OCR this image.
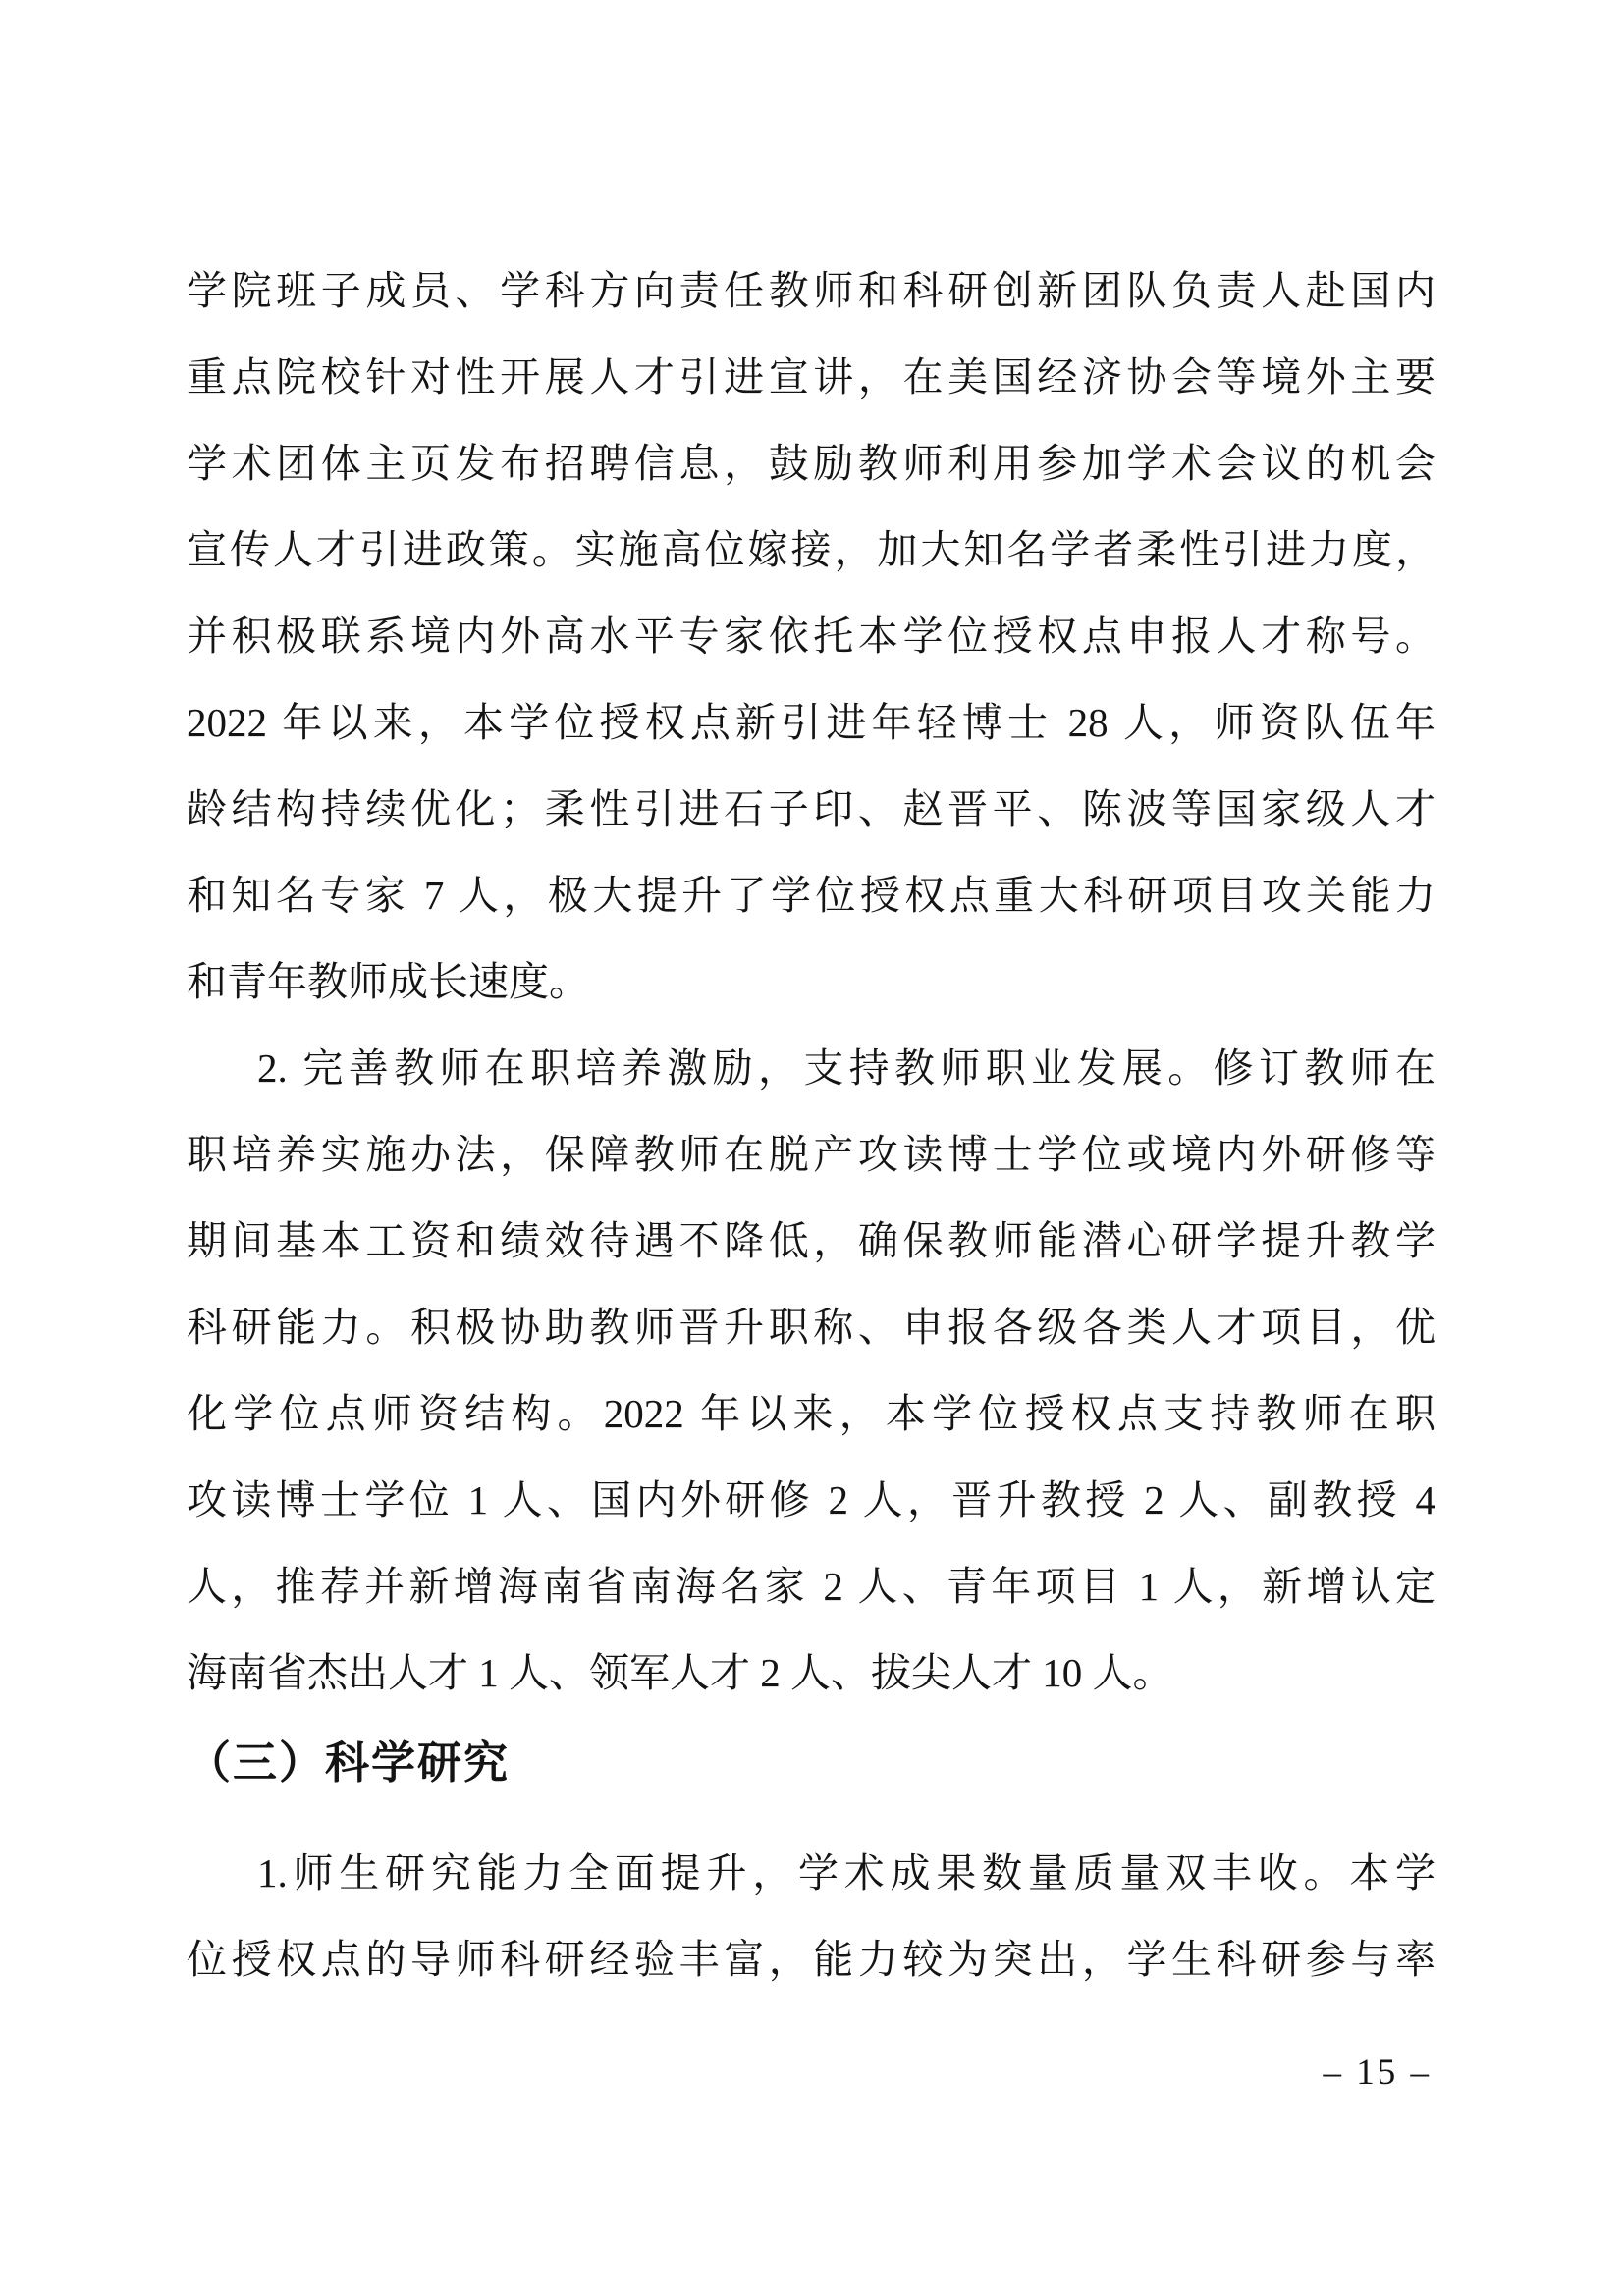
学院班子成员、学科方向责任教师和科研创新团队负责人赴国内
重点院校针对性开展人才引进宣讲，在美国经济协会等境外主要
学术团体主页发布招聘信息，鼓励教师利用参加学术会议的机会
宣传人才引进政策。实施高位嫁接，加大知名学者柔性引进力度，
并积极联系境内外高水平专家依托本学位授权点申报人才称号。
2022 年以来，本学位授权点新引进年轻博士 28 人，师资队伍年
龄结构持续优化；柔性引进石子印、赵晋平、陈波等国家级人才
和知名专家 7 人，极大提升了学位授权点重大科研项目攻关能力
和青年教师成长速度。
2. 完善教师在职培养激励，支持教师职业发展。修订教师在
职培养实施办法，保障教师在脱产攻读博士学位或境内外研修等
期间基本工资和绩效待遇不降低，确保教师能潜心研学提升教学
科研能力。积极协助教师晋升职称、申报各级各类人才项目，优
化学位点师资结构。2022 年以来，本学位授权点支持教师在职
攻读博士学位 1 人、国内外研修 2 人，晋升教授 2 人、副教授 4
人，推荐并新增海南省南海名家 2 人、青年项目 1 人，新增认定
海南省杰出人才 1 人、领军人才 2 人、拔尖人才 10 人。
（三）科学研究
1.师生研究能力全面提升，学术成果数量质量双丰收。本学
位授权点的导师科研经验丰富，能力较为突出，学生科研参与率
– 15 –
